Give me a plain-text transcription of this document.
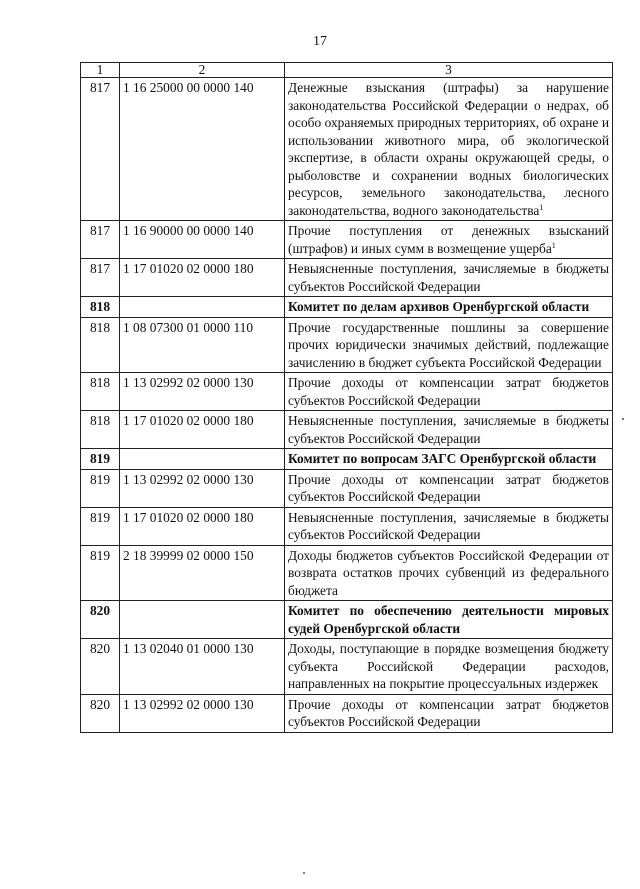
17
1	2	3
817	1 16 25000 00 0000 140	Денежные взыскания (штрафы) за нарушение законодательства Российской Федерации о недрах, об особо охраняемых природных территориях, об охране и использовании животного мира, об экологической экспертизе, в области охраны окружающей среды, о рыболовстве и сохранении водных биологических ресурсов, земельного законодательства, лесного законодательства, водного законодательства$^1$
817	1 16 90000 00 0000 140	Прочие поступления от денежных взысканий (штрафов) и иных сумм в возмещение ущерба$^1$
817	1 17 01020 02 0000 180	Невыясненные поступления, зачисляемые в бюджеты субъектов Российской Федерации
818		Комитет по делам архивов Оренбургской области
818	1 08 07300 01 0000 110	Прочие государственные пошлины за совершение прочих юридически значимых действий, подлежащие зачислению в бюджет субъекта Российской Федерации
818	1 13 02992 02 0000 130	Прочие доходы от компенсации затрат бюджетов субъектов Российской Федерации
818	1 17 01020 02 0000 180	Невыясненные поступления, зачисляемые в бюджеты субъектов Российской Федерации
819		Комитет по вопросам ЗАГС Оренбургской области
819	1 13 02992 02 0000 130	Прочие доходы от компенсации затрат бюджетов субъектов Российской Федерации
819	1 17 01020 02 0000 180	Невыясненные поступления, зачисляемые в бюджеты субъектов Российской Федерации
819	2 18 39999 02 0000 150	Доходы бюджетов субъектов Российской Федерации от возврата остатков прочих субвенций из федерального бюджета
820		Комитет по обеспечению деятельности мировых судей Оренбургской области
820	1 13 02040 01 0000 130	Доходы, поступающие в порядке возмещения бюджету субъекта Российской Федерации расходов, направленных на покрытие процессуальных издержек
820	1 13 02992 02 0000 130	Прочие доходы от компенсации затрат бюджетов субъектов Российской Федерации
